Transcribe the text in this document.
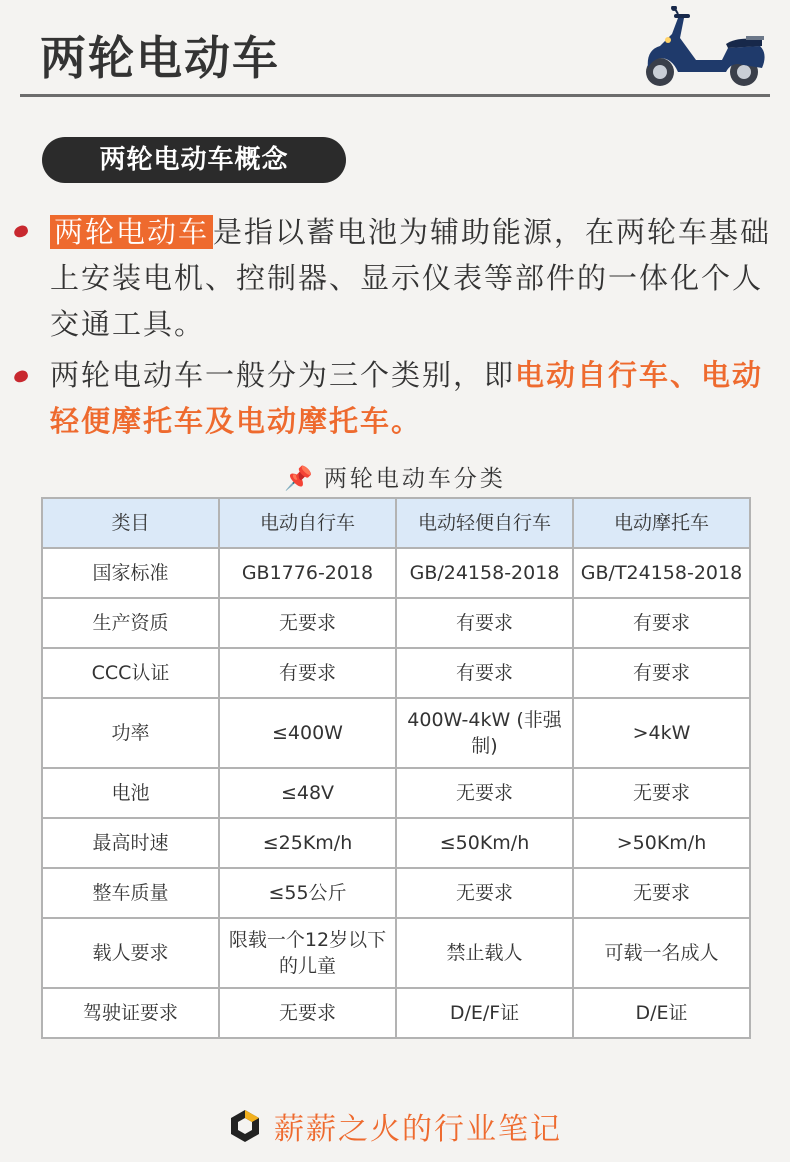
两轮电动车
两轮电动车概念
两轮电动车 是指以蓄电池为辅助能源，在两轮车基础上安装电机、控制器、显示仪表等部件的一体化个人交通工具。
两轮电动车一般分为三个类别，即电动自行车、电动轻便摩托车及电动摩托车。
📌 两轮电动车分类
类目	电动自行车	电动轻便自行车	电动摩托车
国家标准	GB1776-2018	GB/24158-2018	GB/T24158-2018
生产资质	无要求	有要求	有要求
CCC认证	有要求	有要求	有要求
功率	≤400W	400W-4kW (非强制)	>4kW
电池	≤48V	无要求	无要求
最高时速	≤25Km/h	≤50Km/h	>50Km/h
整车质量	≤55公斤	无要求	无要求
载人要求	限载一个12岁以下的儿童	禁止载人	可载一名成人
驾驶证要求	无要求	D/E/F证	D/E证
薪薪之火的行业笔记
